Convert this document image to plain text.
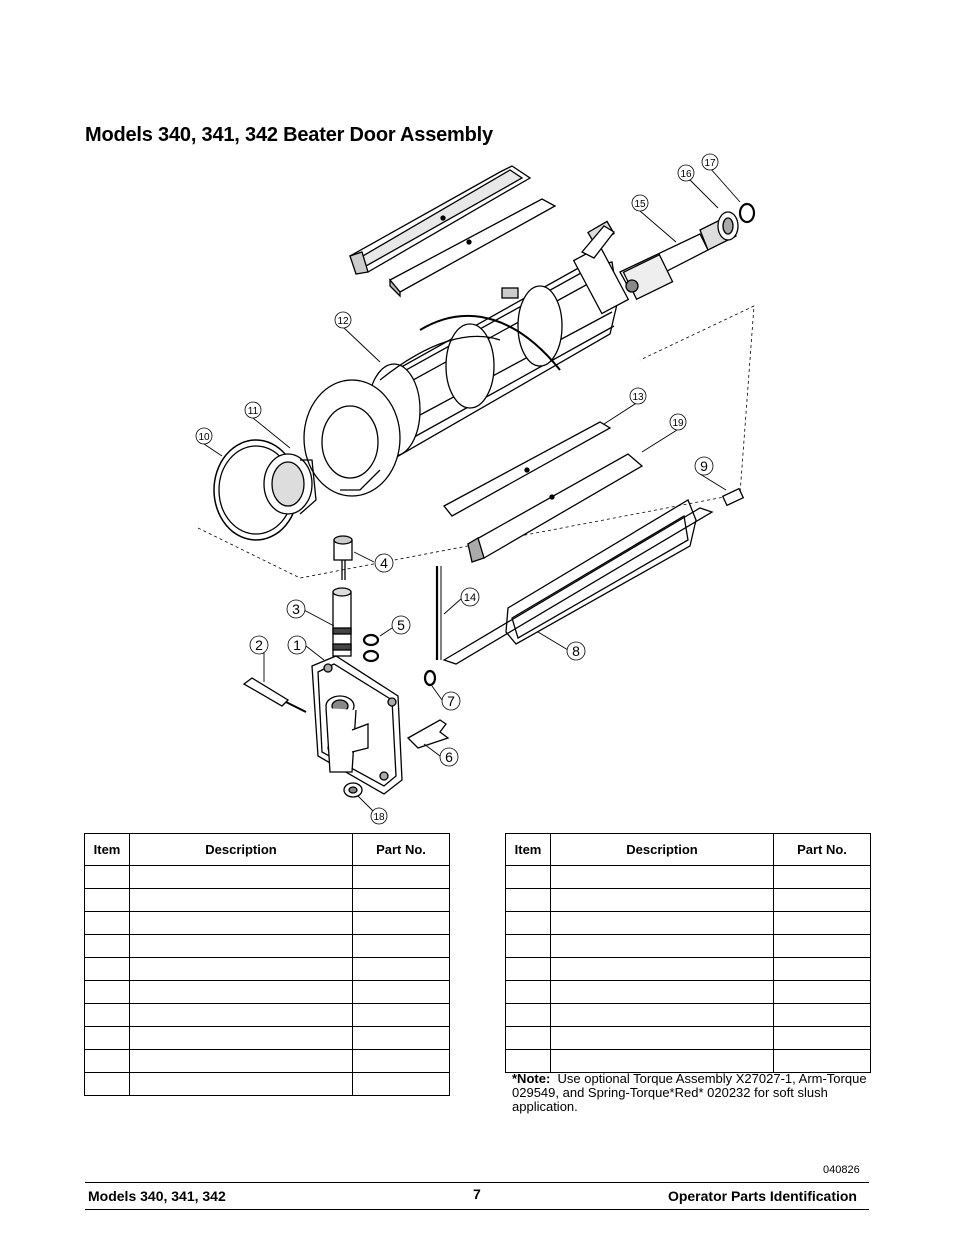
Models 340, 341, 342 Beater Door Assembly
12
11
10
13
19
9
15
16
17
4
3
1
2
5
14
8
7
6
18
Item	Description	Part No.

			Item	Description	Part No.

*Note: Use optional Torque Assembly X27027-1, Arm-Torque 029549, and Spring-Torque*Red* 020232 for soft slush application.
040826
Models 340, 341, 342	7	Operator Parts Identification
